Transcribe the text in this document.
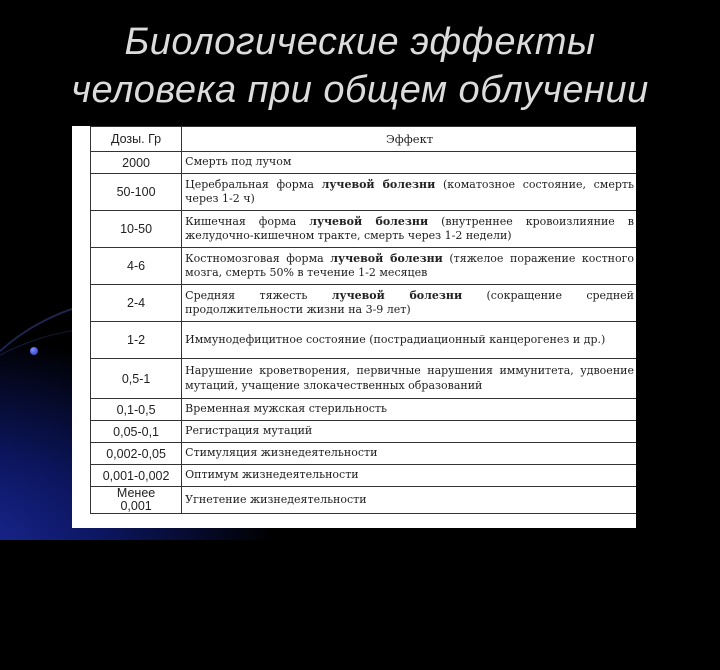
Биологические эффекты
человека при общем облучении
Дозы. Гр	Эффект
2000	Смерть под лучом
50-100	Церебральная форма лучевой болезни (коматозное состояние, смерть через 1-2 ч)
10-50	Кишечная форма лучевой болезни (внутреннее кровоизлияние в желудочно-кишечном тракте, смерть через 1-2 недели)
4-6	Костномозговая форма лучевой болезни (тяжелое поражение костного мозга, смерть 50% в течение 1-2 месяцев
2-4	Средняя тяжесть лучевой болезни (сокращение средней продолжительности жизни на 3-9 лет)
1-2	Иммунодефицитное состояние (пострадиационный канцерогенез и др.)
0,5-1	Нарушение кроветворения, первичные нарушения иммунитета, удвоение мутаций, учащение злокачественных образований
0,1-0,5	Временная мужская стерильность
0,05-0,1	Регистрация мутаций
0,002-0,05	Стимуляция жизнедеятельности
0,001-0,002	Оптимум жизнедеятельности
Менее 0,001	Угнетение жизнедеятельности
